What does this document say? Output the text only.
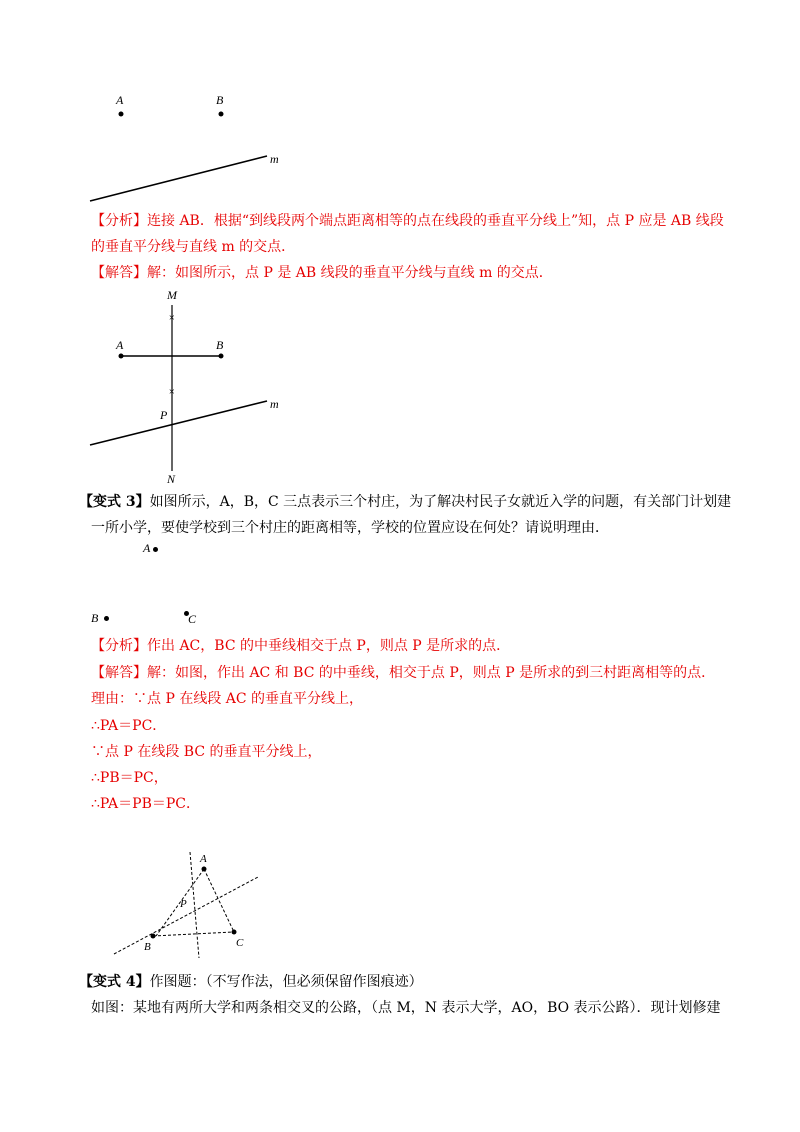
A	B
m
【分析】连接 AB．根据“到线段两个端点距离相等的点在线段的垂直平分线上”知，点 P 应是 AB 线段
的垂直平分线与直线 m 的交点．
【解答】解：如图所示，点 P 是 AB 线段的垂直平分线与直线 m 的交点．
M
×
×
A	B
P
m
N
【变式 3】如图所示，A，B，C 三点表示三个村庄，为了解决村民子女就近入学的问题，有关部门计划建
一所小学，要使学校到三个村庄的距离相等，学校的位置应设在何处？请说明理由．
A
B	C
【分析】作出 AC，BC 的中垂线相交于点 P，则点 P 是所求的点．
【解答】解：如图，作出 AC 和 BC 的中垂线，相交于点 P，则点 P 是所求的到三村距离相等的点．
理由：∵点 P 在线段 AC 的垂直平分线上，
∴PA＝PC．
∵点 P 在线段 BC 的垂直平分线上，
∴PB＝PC，
∴PA＝PB＝PC．
A
P
B	C
【变式 4】作图题：（不写作法，但必须保留作图痕迹）
如图：某地有两所大学和两条相交叉的公路，（点 M，N 表示大学，AO，BO 表示公路）．现计划修建
